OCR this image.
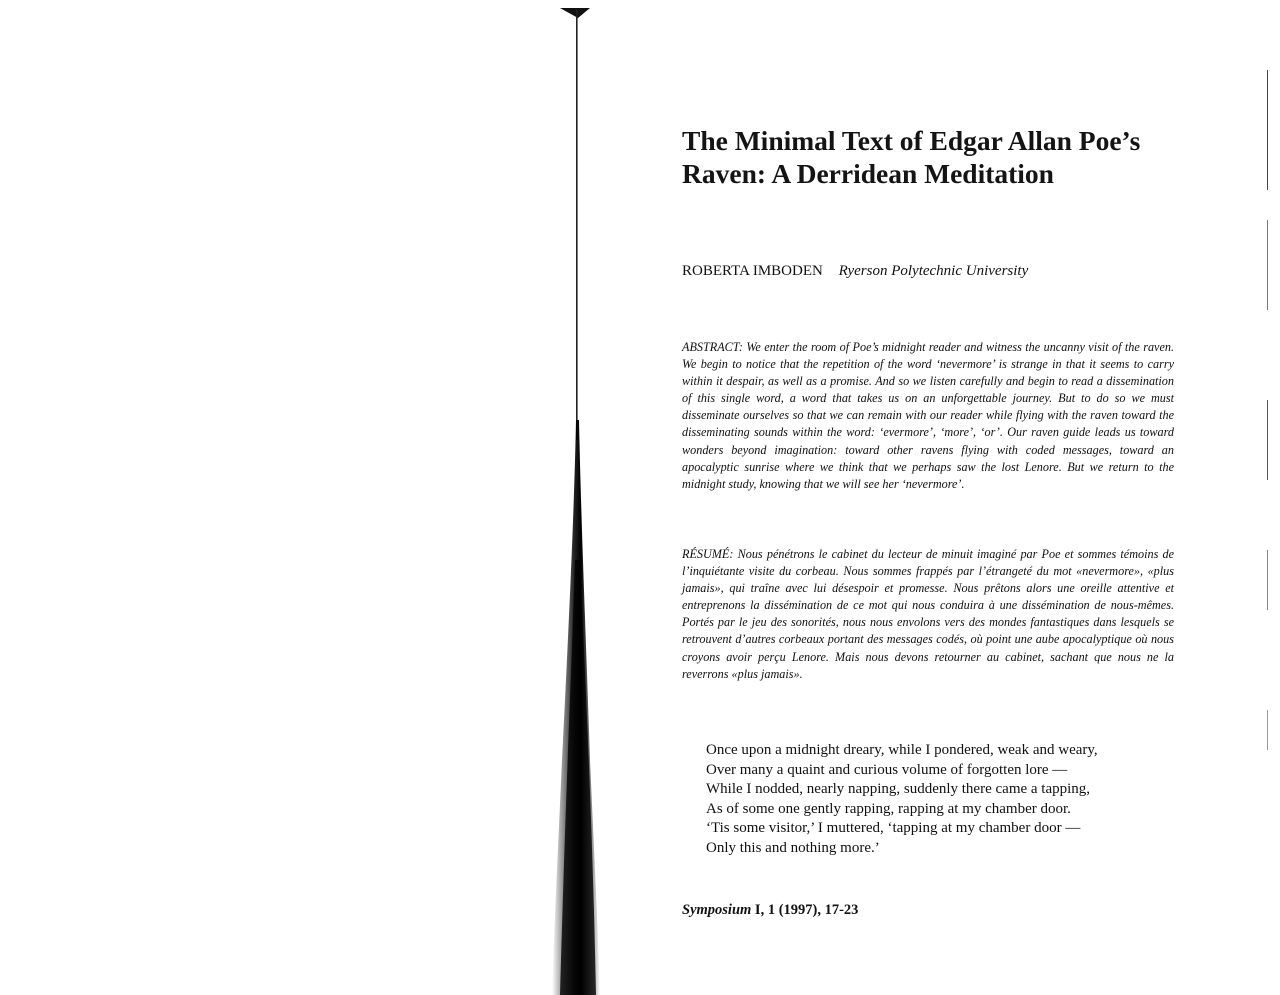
The Minimal Text of Edgar Allan Poe’s
Raven: A Derridean Meditation
ROBERTA IMBODEN Ryerson Polytechnic University

ABSTRACT: We enter the room of Poe’s midnight reader and witness the uncanny visit of the raven. We begin to notice that the repetition of the word ‘nevermore’ is strange in that it seems to carry within it despair, as well as a promise. And so we listen carefully and begin to read a dissemination of this single word, a word that takes us on an unforgettable journey. But to do so we must disseminate ourselves so that we can remain with our reader while flying with the raven toward the disseminating sounds within the word: ‘evermore’, ‘more’, ‘or’. Our raven guide leads us toward wonders beyond imagination: toward other ravens flying with coded messages, toward an apocalyptic sunrise where we think that we perhaps saw the lost Lenore. But we return to the midnight study, knowing that we will see her ‘nevermore’.

RÉSUMÉ: Nous pénétrons le cabinet du lecteur de minuit imaginé par Poe et sommes témoins de l’inquiétante visite du corbeau. Nous sommes frappés par l’étrangeté du mot «nevermore», «plus jamais», qui traîne avec lui désespoir et promesse. Nous prêtons alors une oreille attentive et entreprenons la dissémination de ce mot qui nous conduira à une dissémination de nous-mêmes. Portés par le jeu des sonorités, nous nous envolons vers des mondes fantastiques dans lesquels se retrouvent d’autres corbeaux portant des messages codés, où point une aube apocalyptique où nous croyons avoir perçu Lenore. Mais nous devons retourner au cabinet, sachant que nous ne la reverrons «plus jamais».

Once upon a midnight dreary, while I pondered, weak and weary,
Over many a quaint and curious volume of forgotten lore —
While I nodded, nearly napping, suddenly there came a tapping,
As of some one gently rapping, rapping at my chamber door.
‘Tis some visitor,’ I muttered, ‘tapping at my chamber door —
Only this and nothing more.’
Symposium I, 1 (1997), 17-23
